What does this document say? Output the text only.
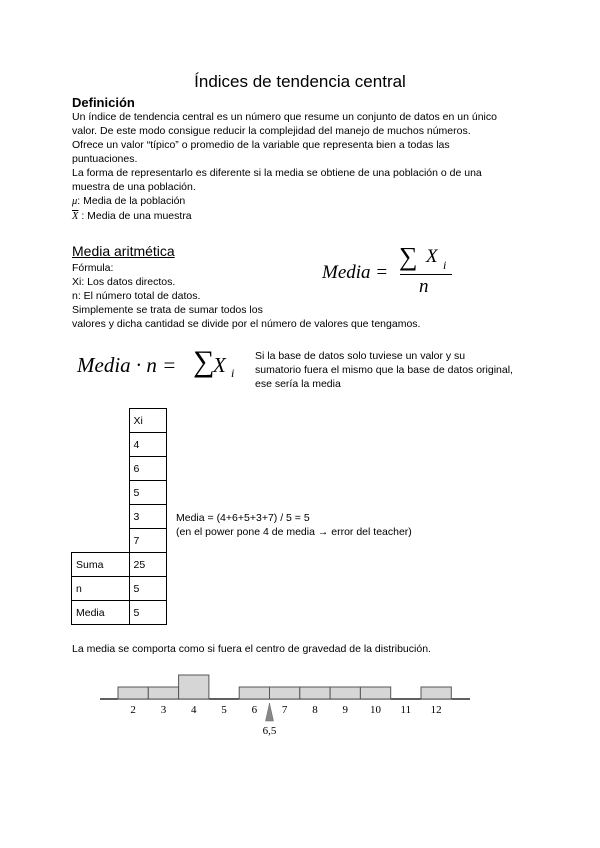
Índices de tendencia central
Definición
Un índice de tendencia central es un número que resume un conjunto de datos en un único
valor. De este modo consigue reducir la complejidad del manejo de muchos números.
Ofrece un valor “típico” o promedio de la variable que representa bien a todas las
puntuaciones.
La forma de representarlo es diferente si la media se obtiene de una población o de una
muestra de una población.
μ: Media de la población
$\overline{X}$ : Media de una muestra
Media aritmética
Fórmula:
Xi: Los datos directos.
n: El número total de datos.
Simplemente se trata de sumar todos los
valores y dicha cantidad se divide por el número de valores que tengamos.
Media =
∑ X i
n
Media · n = ∑
X i
Si la base de datos solo tuviese un valor y su
sumatorio fuera el mismo que la base de datos original,
ese sería la media
	Xi
	4
	6
	5
	3
	7
Suma	25
n	5
Media	5
Media = (4+6+5+3+7) / 5 = 5
(en el power pone 4 de media → error del teacher)
La media se comporta como si fuera el centro de gravedad de la distribución.
2 3 4 5 6 7 8 9 10 11 12
6,5
